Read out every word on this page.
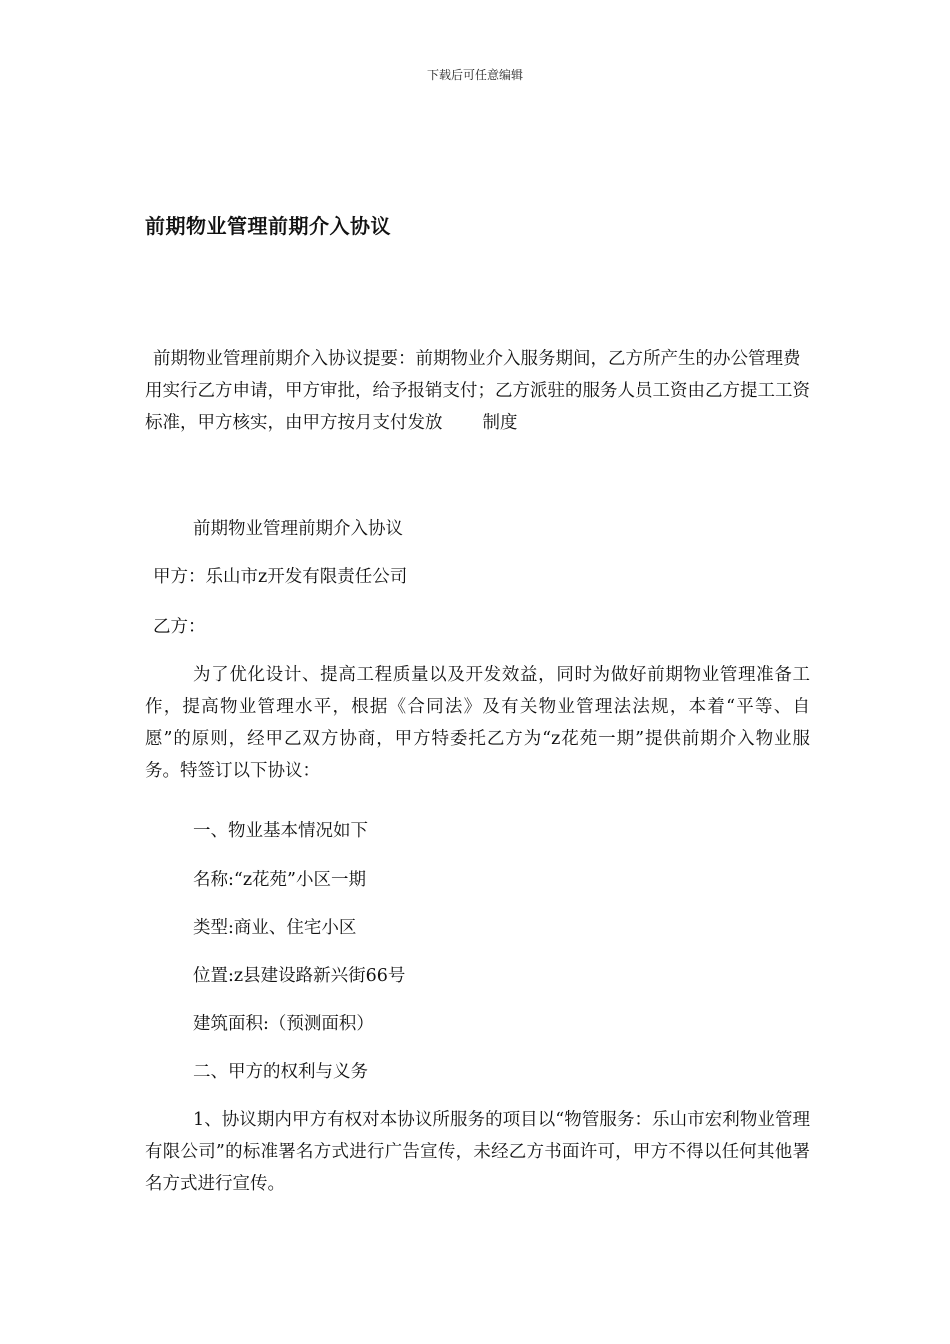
下载后可任意编辑
前期物业管理前期介入协议
前期物业管理前期介入协议提要：前期物业介入服务期间，乙方所产生的办公管理费用实行乙方申请，甲方审批，给予报销支付；乙方派驻的服务人员工资由乙方提工工资标准，甲方核实，由甲方按月支付发放 制度
前期物业管理前期介入协议
甲方：乐山市z开发有限责任公司
乙方：
为了优化设计、提高工程质量以及开发效益，同时为做好前期物业管理准备工作，提高物业管理水平，根据《合同法》及有关物业管理法法规，本着“平等、自愿”的原则，经甲乙双方协商，甲方特委托乙方为“z花苑一期”提供前期介入物业服务。特签订以下协议：
一、物业基本情况如下
名称:“z花苑”小区一期
类型:商业、住宅小区
位置:z县建设路新兴街66号
建筑面积:（预测面积）
二、甲方的权利与义务
1、协议期内甲方有权对本协议所服务的项目以“物管服务：乐山市宏利物业管理有限公司”的标准署名方式进行广告宣传，未经乙方书面许可，甲方不得以任何其他署名方式进行宣传。
